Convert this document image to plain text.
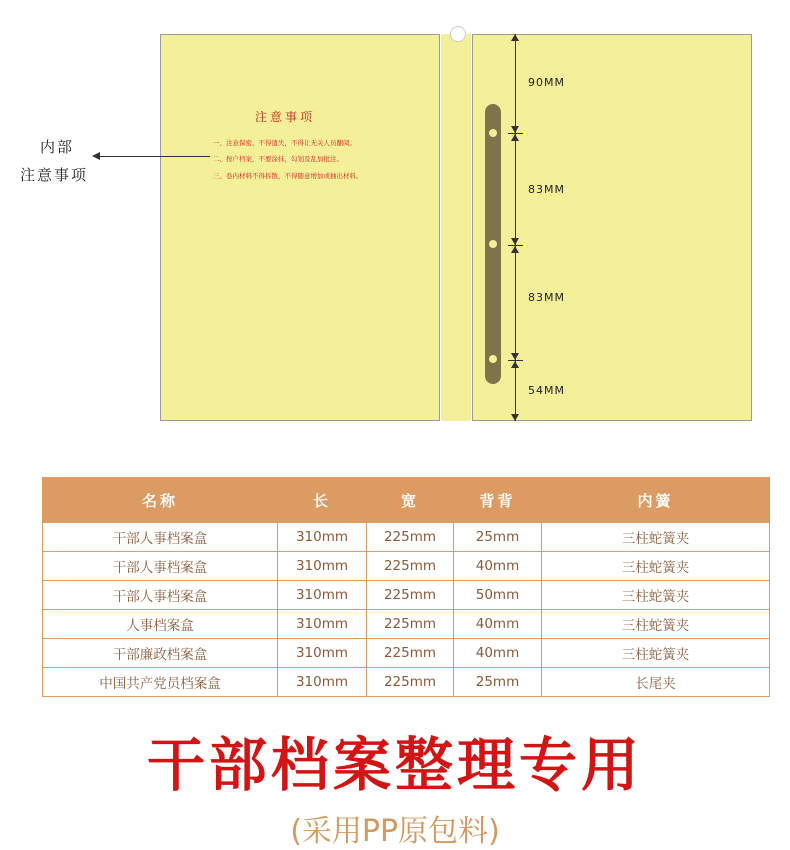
注意事项
一、注意保密，不得遗失，不得让无关人员翻阅。
二、按户档案，不要涂抹，勾划及乱加批注。
三、卷内材料不得拆散，不得随意增加或抽出材料。
内部
注意事项
90MM
83MM
83MM
54MM
名称	长	宽	背背	内簧
干部人事档案盒	310mm	225mm	25mm	三柱蛇簧夹
干部人事档案盒	310mm	225mm	40mm	三柱蛇簧夹
干部人事档案盒	310mm	225mm	50mm	三柱蛇簧夹
人事档案盒	310mm	225mm	40mm	三柱蛇簧夹
干部廉政档案盒	310mm	225mm	40mm	三柱蛇簧夹
中国共产党员档案盒	310mm	225mm	25mm	长尾夹
干部档案整理专用
(采用PP原包料)
